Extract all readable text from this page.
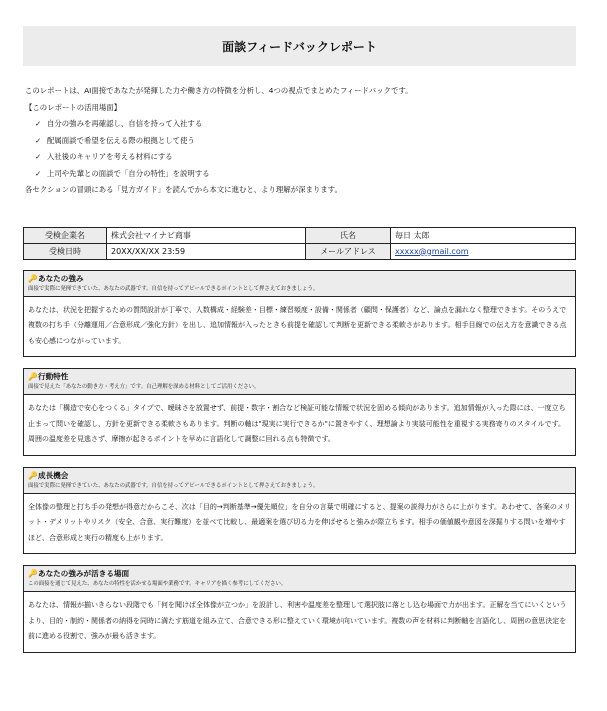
面談フィードバックレポート
このレポートは、AI面接であなたが発揮した力や働き方の特徴を分析し、4つの視点でまとめたフィードバックです。
【このレポートの活用場面】
✓ 自分の強みを再確認し、自信を持って入社する
✓ 配属面談で希望を伝える際の根拠として使う
✓ 入社後のキャリアを考える材料にする
✓ 上司や先輩との面談で「自分の特性」を説明する
各セクションの冒頭にある「見方ガイド」を読んでから本文に進むと、より理解が深まります。
受検企業名	株式会社マイナビ商事	氏名	毎日 太郎
受検日時	20XX/XX/XX 23:59	メールアドレス	xxxxx@gmail.com
🔑あなたの強み
面接で実際に発揮できていた、あなたの武器です。自信を持ってアピールできるポイントとして押さえておきましょう。
あなたは、状況を把握するための質問設計が丁寧で、人数構成・経験差・目標・練習頻度・設備・関係者（顧問・保護者）など、論点を漏れなく整理できます。そのうえで複数の打ち手（分離運用／合意形成／強化方針）を出し、追加情報が入ったときも前提を確認して判断を更新できる柔軟さがあります。相手目線での伝え方を意識できる点も安心感につながっています。
🔑行動特性
面接で見えた「あなたの動き方・考え方」です。自己理解を深める材料としてご活用ください。
あなたは「構造で安心をつくる」タイプで、曖昧さを放置せず、前提・数字・割合など検証可能な情報で状況を固める傾向があります。追加情報が入った際には、一度立ち止まって問いを確認し、方針を更新できる柔軟さもあります。判断の軸は"現実に実行できるか"に置きやすく、理想論より実装可能性を重視する実務寄りのスタイルです。周囲の温度差を見逃さず、摩擦が起きるポイントを早めに言語化して調整に回れる点も特徴です。
🔑成長機会
面接で実際に発揮できていた、あなたの武器です。自信を持ってアピールできるポイントとして押さえておきましょう。
全体像の整理と打ち手の発想が得意だからこそ、次は「目的→判断基準→優先順位」を自分の言葉で明確にすると、提案の説得力がさらに上がります。あわせて、各案のメリット・デメリットやリスク（安全、合意、実行難度）を並べて比較し、最適案を選び切る力を伸ばせると強みが際立ちます。相手の価値観や意図を深掘りする問いを増やすほど、合意形成と実行の精度も上がります。
🔑あなたの強みが活きる場面
この面接を通じて見えた、あなたの特性を活かせる場面や業務です。キャリアを描く参考にしてください。
あなたは、情報が揃いきらない段階でも「何を聞けば全体像が立つか」を設計し、利害や温度差を整理して選択肢に落とし込む場面で力が出ます。正解を当てにいくというより、目的・制約・関係者の納得を同時に満たす筋道を組み立て、合意できる形に整えていく環境が向いています。複数の声を材料に判断軸を言語化し、周囲の意思決定を前に進める役割で、強みが最も活きます。
